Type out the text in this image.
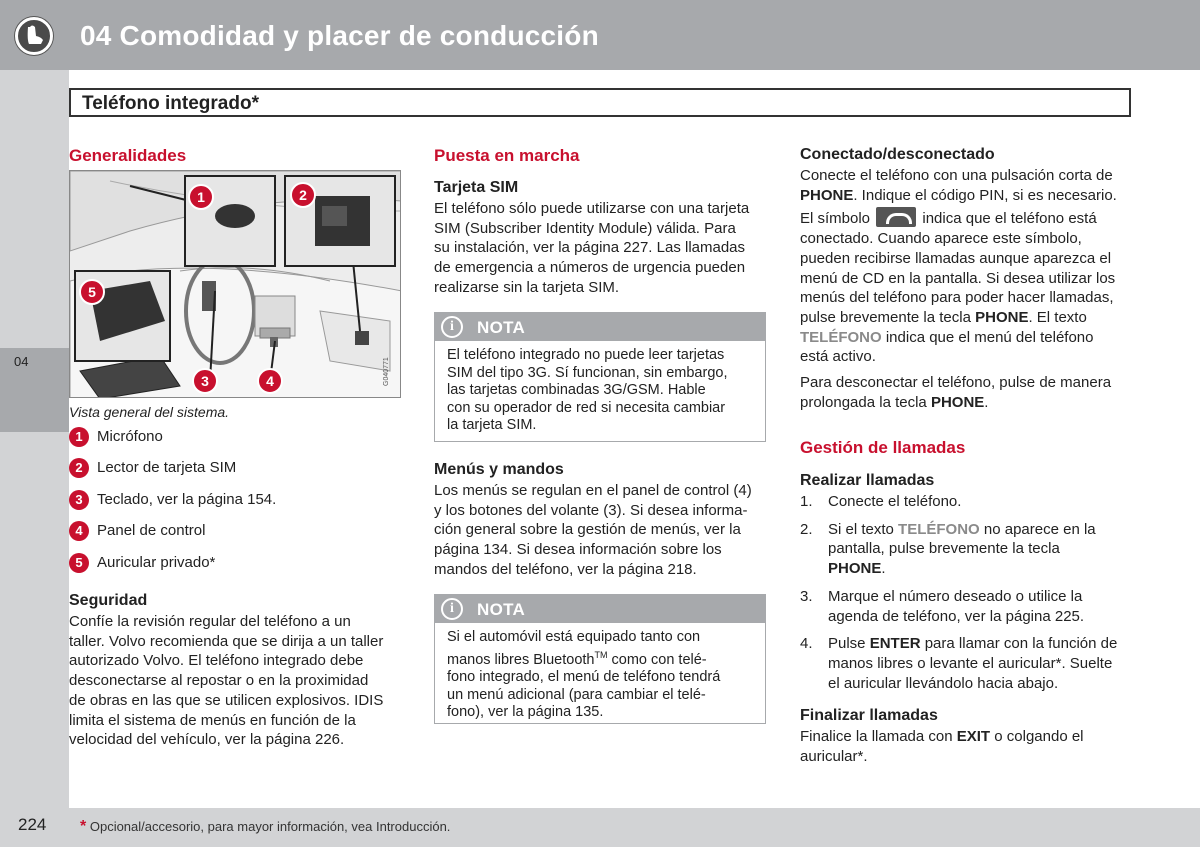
04 Comodidad y placer de conducción
04
Teléfono integrado*
Generalidades
1	2
3	4
5
G040771
Vista general del sistema.
1 Micrófono
2 Lector de tarjeta SIM
3 Teclado, ver la página 154.
4 Panel de control
5 Auricular privado*
Seguridad
Confíe la revisión regular del teléfono a un
taller. Volvo recomienda que se dirija a un taller
autorizado Volvo. El teléfono integrado debe
desconectarse al repostar o en la proximidad
de obras en las que se utilicen explosivos. IDIS
limita el sistema de menús en función de la
velocidad del vehículo, ver la página 226.
Puesta en marcha
Tarjeta SIM
El teléfono sólo puede utilizarse con una tarjeta
SIM (Subscriber Identity Module) válida. Para
su instalación, ver la página 227. Las llamadas
de emergencia a números de urgencia pueden
realizarse sin la tarjeta SIM.
i	NOTA
El teléfono integrado no puede leer tarjetas
SIM del tipo 3G. Sí funcionan, sin embargo,
las tarjetas combinadas 3G/GSM. Hable
con su operador de red si necesita cambiar
la tarjeta SIM.
Menús y mandos
Los menús se regulan en el panel de control (4)
y los botones del volante (3). Si desea informa-
ción general sobre la gestión de menús, ver la
página 134. Si desea información sobre los
mandos del teléfono, ver la página 218.
i	NOTA
Si el automóvil está equipado tanto con
manos libres Bluetooth™ como con telé-
fono integrado, el menú de teléfono tendrá
un menú adicional (para cambiar el telé-
fono), ver la página 135.
Conectado/desconectado
Conecte el teléfono con una pulsación corta de
PHONE. Indique el código PIN, si es necesario.
El símbolo	indica que el teléfono está
conectado. Cuando aparece este símbolo,
pueden recibirse llamadas aunque aparezca el
menú de CD en la pantalla. Si desea utilizar los
menús del teléfono para poder hacer llamadas,
pulse brevemente la tecla PHONE. El texto
TELÉFONO indica que el menú del teléfono
está activo.
Para desconectar el teléfono, pulse de manera
prolongada la tecla PHONE.
Gestión de llamadas
Realizar llamadas
1. Conecte el teléfono.
2. Si el texto TELÉFONO no aparece en la
pantalla, pulse brevemente la tecla
PHONE.
3. Marque el número deseado o utilice la
agenda de teléfono, ver la página 225.
4. Pulse ENTER para llamar con la función de
manos libres o levante el auricular*. Suelte
el auricular llevándolo hacia abajo.
Finalizar llamadas
Finalice la llamada con EXIT o colgando el
auricular*.
224 * Opcional/accesorio, para mayor información, vea Introducción.
